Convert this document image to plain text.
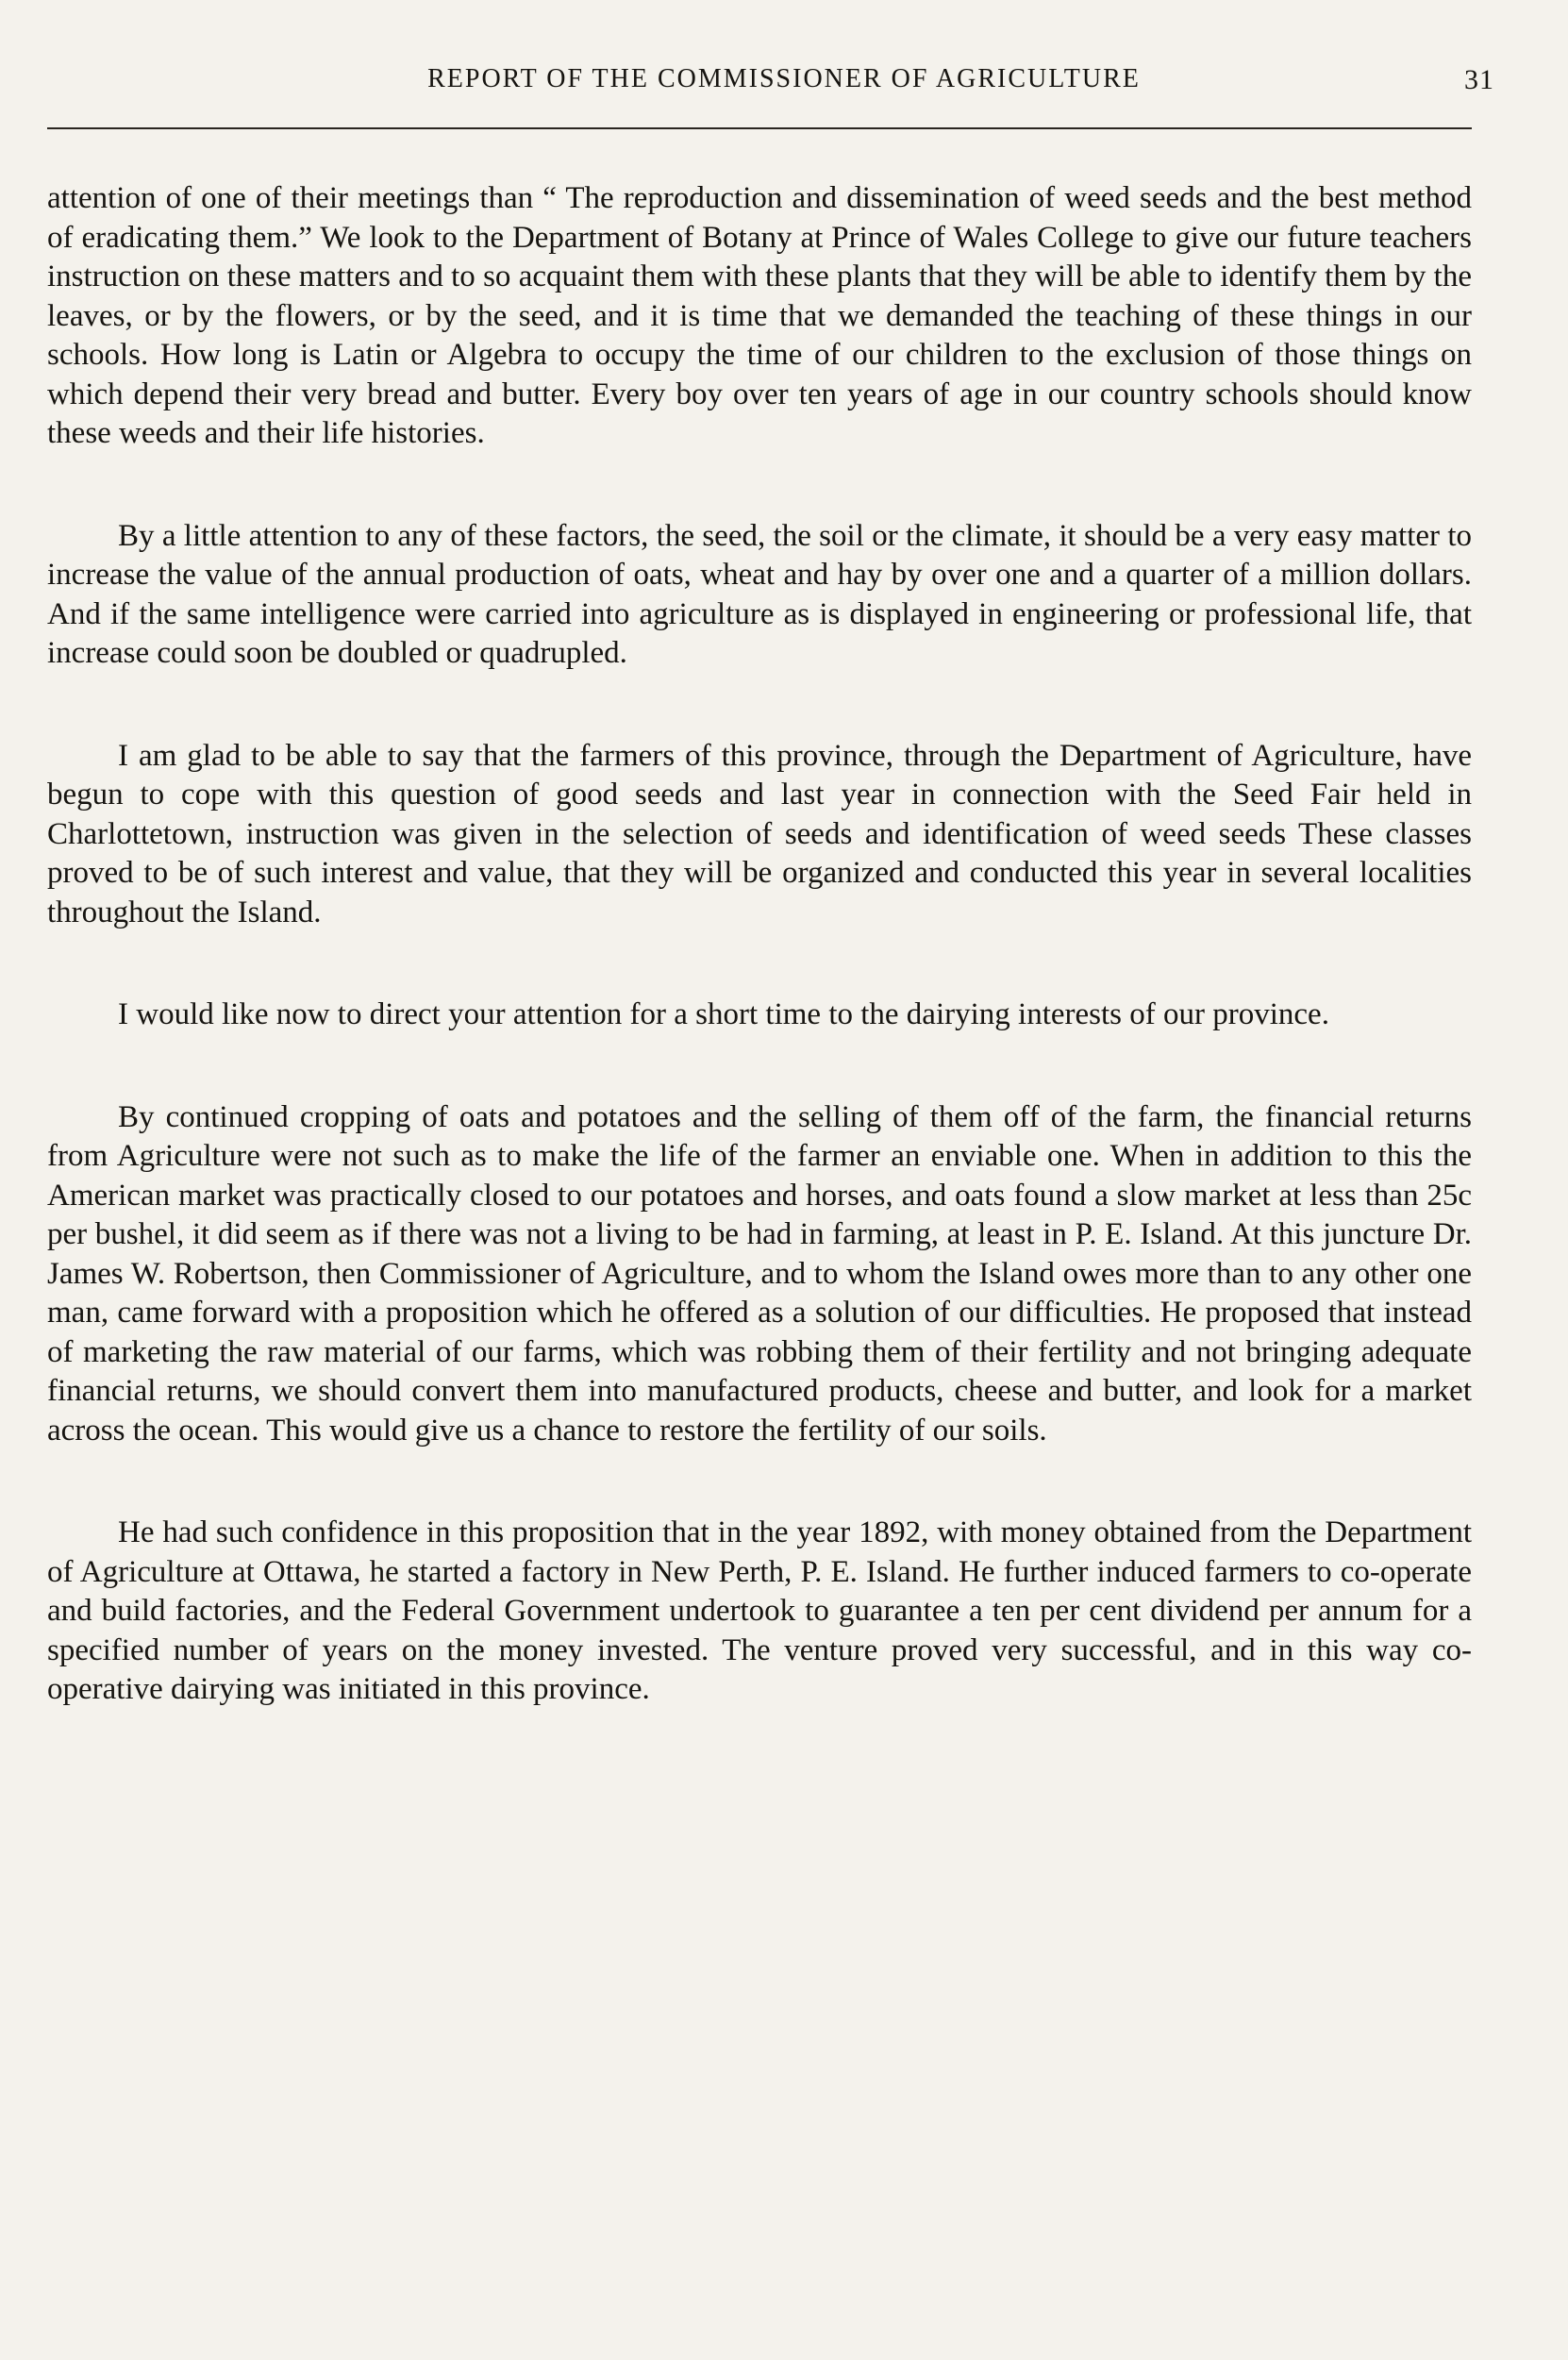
REPORT OF THE COMMISSIONER OF AGRICULTURE	31

attention of one of their meetings than “ The reproduction and dissemination of weed seeds and the best method of eradicating them.” We look to the Department of Botany at Prince of Wales College to give our future teachers instruction on these matters and to so acquaint them with these plants that they will be able to identify them by the leaves, or by the flowers, or by the seed, and it is time that we demanded the teaching of these things in our schools. How long is Latin or Algebra to occupy the time of our children to the exclusion of those things on which depend their very bread and butter. Every boy over ten years of age in our country schools should know these weeds and their life histories.

By a little attention to any of these factors, the seed, the soil or the climate, it should be a very easy matter to increase the value of the annual production of oats, wheat and hay by over one and a quarter of a million dollars. And if the same intelligence were carried into agriculture as is displayed in engineering or professional life, that increase could soon be doubled or quadrupled.

I am glad to be able to say that the farmers of this province, through the Department of Agriculture, have begun to cope with this question of good seeds and last year in connection with the Seed Fair held in Charlottetown, instruction was given in the selection of seeds and identification of weed seeds These classes proved to be of such interest and value, that they will be organized and conducted this year in several localities throughout the Island.

I would like now to direct your attention for a short time to the dairying interests of our province.

By continued cropping of oats and potatoes and the selling of them off of the farm, the financial returns from Agriculture were not such as to make the life of the farmer an enviable one. When in addition to this the American market was practically closed to our potatoes and horses, and oats found a slow market at less than 25c per bushel, it did seem as if there was not a living to be had in farming, at least in P. E. Island. At this juncture Dr. James W. Robertson, then Commissioner of Agriculture, and to whom the Island owes more than to any other one man, came forward with a proposition which he offered as a solution of our difficulties. He proposed that instead of marketing the raw material of our farms, which was robbing them of their fertility and not bringing adequate financial returns, we should convert them into manufactured products, cheese and butter, and look for a market across the ocean. This would give us a chance to restore the fertility of our soils.

He had such confidence in this proposition that in the year 1892, with money obtained from the Department of Agriculture at Ottawa, he started a factory in New Perth, P. E. Island. He further induced farmers to co-operate and build factories, and the Federal Government undertook to guarantee a ten per cent dividend per annum for a specified number of years on the money invested. The venture proved very successful, and in this way co-operative dairying was initiated in this province.
